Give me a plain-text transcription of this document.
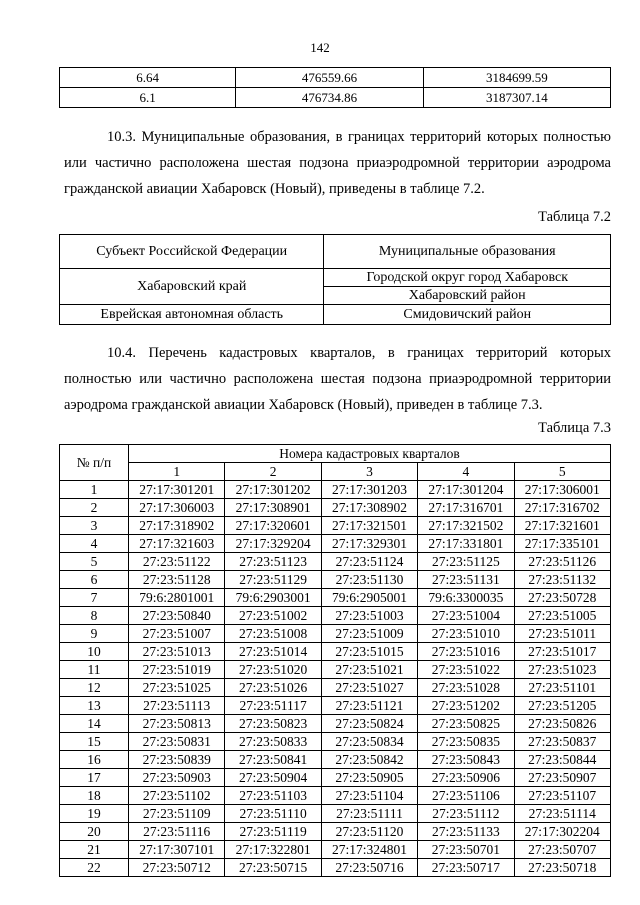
142
6.64	476559.66	3184699.59
6.1	476734.86	3187307.14
10.3. Муниципальные образования, в границах территорий которых полностью или частично расположена шестая подзона приаэродромной территории аэродрома гражданской авиации Хабаровск (Новый), приведены в таблице 7.2.
Таблица 7.2
Субъект Российской Федерации	Муниципальные образования
Хабаровский край	Городской округ город Хабаровск
	Хабаровский район
Еврейская автономная область	Смидовичский район
10.4. Перечень кадастровых кварталов, в границах территорий которых полностью или частично расположена шестая подзона приаэродромной территории аэродрома гражданской авиации Хабаровск (Новый), приведен в таблице 7.3.
Таблица 7.3
№ п/п	Номера кадастровых кварталов				
	1	2	3	4	5
1	27:17:301201	27:17:301202	27:17:301203	27:17:301204	27:17:306001
2	27:17:306003	27:17:308901	27:17:308902	27:17:316701	27:17:316702
3	27:17:318902	27:17:320601	27:17:321501	27:17:321502	27:17:321601
4	27:17:321603	27:17:329204	27:17:329301	27:17:331801	27:17:335101
5	27:23:51122	27:23:51123	27:23:51124	27:23:51125	27:23:51126
6	27:23:51128	27:23:51129	27:23:51130	27:23:51131	27:23:51132
7	79:6:2801001	79:6:2903001	79:6:2905001	79:6:3300035	27:23:50728
8	27:23:50840	27:23:51002	27:23:51003	27:23:51004	27:23:51005
9	27:23:51007	27:23:51008	27:23:51009	27:23:51010	27:23:51011
10	27:23:51013	27:23:51014	27:23:51015	27:23:51016	27:23:51017
11	27:23:51019	27:23:51020	27:23:51021	27:23:51022	27:23:51023
12	27:23:51025	27:23:51026	27:23:51027	27:23:51028	27:23:51101
13	27:23:51113	27:23:51117	27:23:51121	27:23:51202	27:23:51205
14	27:23:50813	27:23:50823	27:23:50824	27:23:50825	27:23:50826
15	27:23:50831	27:23:50833	27:23:50834	27:23:50835	27:23:50837
16	27:23:50839	27:23:50841	27:23:50842	27:23:50843	27:23:50844
17	27:23:50903	27:23:50904	27:23:50905	27:23:50906	27:23:50907
18	27:23:51102	27:23:51103	27:23:51104	27:23:51106	27:23:51107
19	27:23:51109	27:23:51110	27:23:51111	27:23:51112	27:23:51114
20	27:23:51116	27:23:51119	27:23:51120	27:23:51133	27:17:302204
21	27:17:307101	27:17:322801	27:17:324801	27:23:50701	27:23:50707
22	27:23:50712	27:23:50715	27:23:50716	27:23:50717	27:23:50718
